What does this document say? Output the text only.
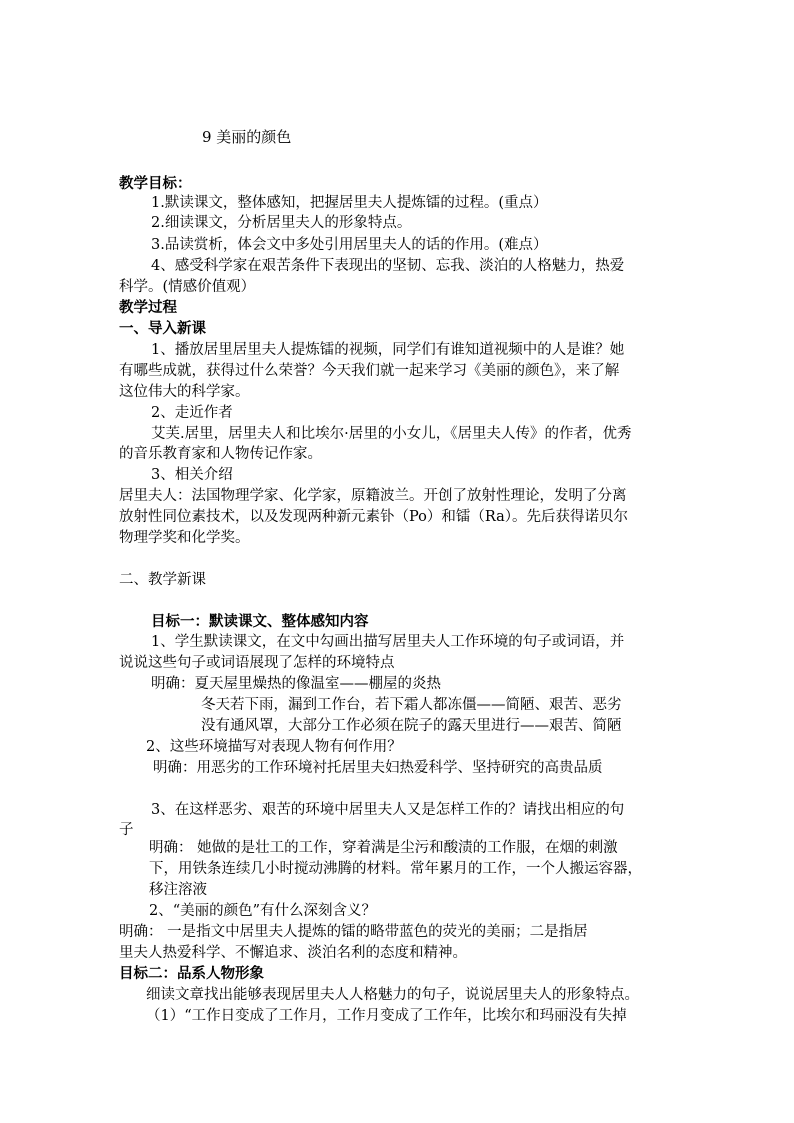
9 美丽的颜色
教学目标：
1.默读课文，整体感知，把握居里夫人提炼镭的过程。(重点）
2.细读课文，分析居里夫人的形象特点。
3.品读赏析，体会文中多处引用居里夫人的话的作用。(难点）
4、感受科学家在艰苦条件下表现出的坚韧、忘我、淡泊的人格魅力，热爱
科学。(情感价值观）
教学过程
一、导入新课
1、播放居里居里夫人提炼镭的视频，同学们有谁知道视频中的人是谁？她
有哪些成就，获得过什么荣誉？今天我们就一起来学习《美丽的颜色》，来了解
这位伟大的科学家。
2、走近作者
艾芙.居里，居里夫人和比埃尔·居里的小女儿，《居里夫人传》的作者，优秀
的音乐教育家和人物传记作家。
3、相关介绍
居里夫人：法国物理学家、化学家，原籍波兰。开创了放射性理论，发明了分离
放射性同位素技术，以及发现两种新元素钋（Po）和镭（Ra）。先后获得诺贝尔
物理学奖和化学奖。
二、教学新课
目标一：默读课文、整体感知内容
1、学生默读课文，在文中勾画出描写居里夫人工作环境的句子或词语，并
说说这些句子或词语展现了怎样的环境特点
明确：夏天屋里燥热的像温室——棚屋的炎热
冬天若下雨，漏到工作台，若下霜人都冻僵——简陋、艰苦、恶劣
没有通风罩，大部分工作必须在院子的露天里进行——艰苦、简陋
2、这些环境描写对表现人物有何作用？
明确：用恶劣的工作环境衬托居里夫妇热爱科学、坚持研究的高贵品质
3、在这样恶劣、艰苦的环境中居里夫人又是怎样工作的？请找出相应的句
子
明确： 她做的是壮工的工作，穿着满是尘污和酸渍的工作服，在烟的刺激
下，用铁条连续几小时搅动沸腾的材料。常年累月的工作，一个人搬运容器，
移注溶液
2、“美丽的颜色”有什么深刻含义？
明确： 一是指文中居里夫人提炼的镭的略带蓝色的荧光的美丽；二是指居
里夫人热爱科学、不懈追求、淡泊名利的态度和精神。
目标二：品系人物形象
细读文章找出能够表现居里夫人人格魅力的句子，说说居里夫人的形象特点。
（1）“工作日变成了工作月，工作月变成了工作年，比埃尔和玛丽没有失掉
